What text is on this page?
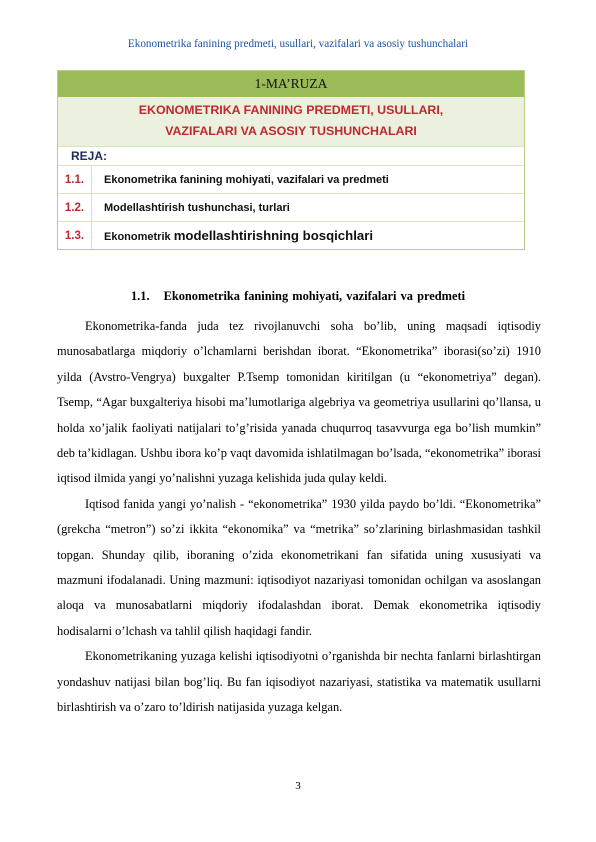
Ekonometrika fanining predmeti, usullari, vazifalari va asosiy tushunchalari
1-MA’RUZA
EKONOMETRIKA FANINING PREDMETI, USULLARI,
VAZIFALARI VA ASOSIY TUSHUNCHALARI
REJA:
1.1.	Ekonometrika fanining mohiyati, vazifalari va predmeti
1.2.	Modellashtirish tushunchasi, turlari
1.3.	Ekonometrik modellashtirishning bosqichlari
1.1. Ekonometrika fanining mohiyati, vazifalari va predmeti

Ekonometrika-fanda juda tez rivojlanuvchi soha bo’lib, uning maqsadi iqtisodiy munosabatlarga miqdoriy o’lchamlarni berishdan iborat. “Ekonometrika” iborasi(so’zi) 1910 yilda (Avstro-Vengrya) buxgalter P.Tsemp tomonidan kiritilgan (u “ekonometriya” degan). Tsemp, “Agar buxgalteriya hisobi ma’lumotlariga algebriya va geometriya usullarini qo’llansa, u holda xo’jalik faoliyati natijalari to’g’risida yanada chuqurroq tasavvurga ega bo’lish mumkin” deb ta’kidlagan. Ushbu ibora ko’p vaqt davomida ishlatilmagan bo’lsada, “ekonometrika” iborasi iqtisod ilmida yangi yo’nalishni yuzaga kelishida juda qulay keldi.

Iqtisod fanida yangi yo’nalish - “ekonometrika” 1930 yilda paydo bo’ldi. “Ekonometrika” (grekcha “metron”) so’zi ikkita “ekonomika” va “metrika” so’zlarining birlashmasidan tashkil topgan. Shunday qilib, iboraning o’zida ekonometrikani fan sifatida uning xususiyati va mazmuni ifodalanadi. Uning mazmuni: iqtisodiyot nazariyasi tomonidan ochilgan va asoslangan aloqa va munosabatlarni miqdoriy ifodalashdan iborat. Demak ekonometrika iqtisodiy hodisalarni o’lchash va tahlil qilish haqidagi fandir.

Ekonometrikaning yuzaga kelishi iqtisodiyotni o’rganishda bir nechta fanlarni birlashtirgan yondashuv natijasi bilan bog’liq. Bu fan iqisodiyot nazariyasi, statistika va matematik usullarni birlashtirish va o’zaro to’ldirish natijasida yuzaga kelgan.

3
